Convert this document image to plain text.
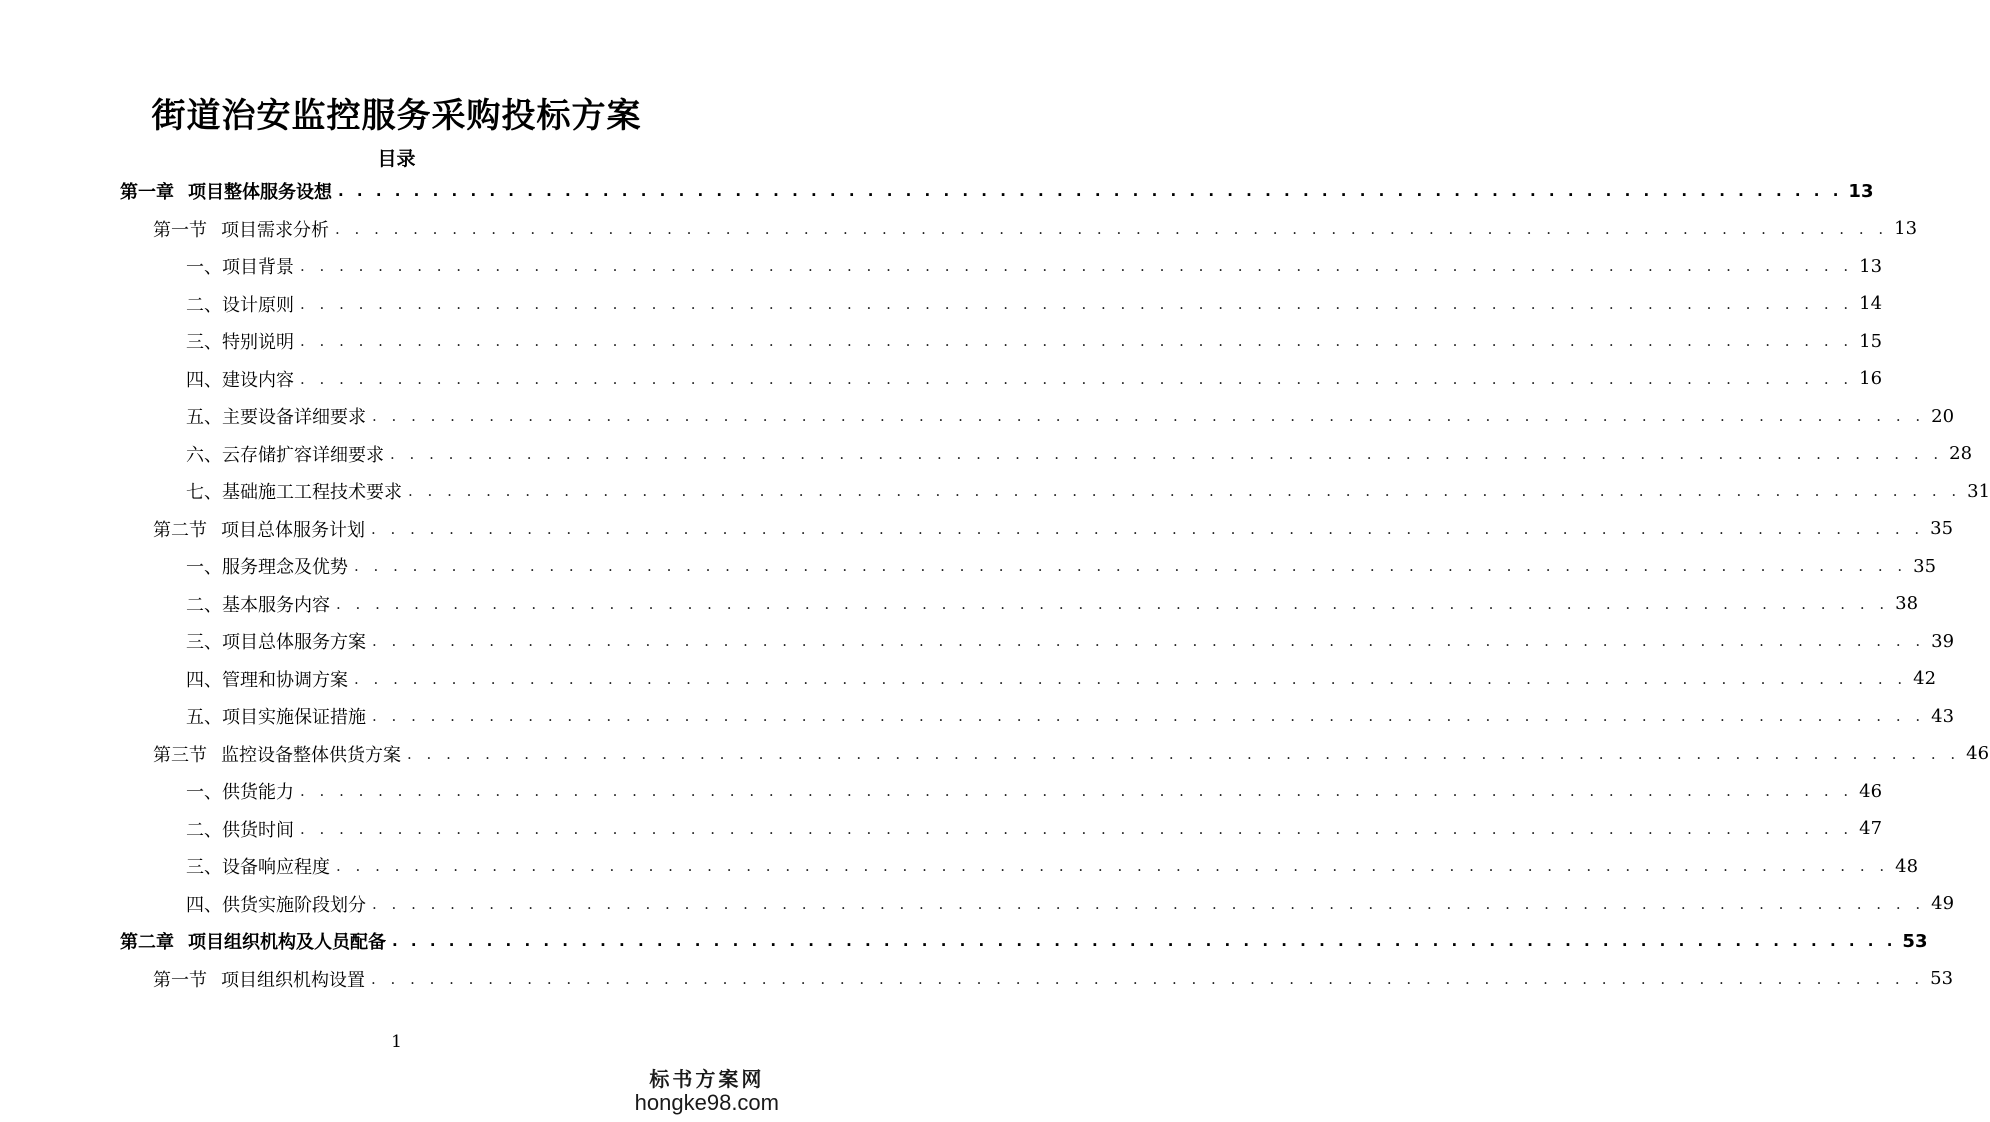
街道治安监控服务采购投标方案
目录
第一章 项目整体服务设想 . . . . . . . . . . . . . . . . . . . . . . . . . . . . . . . . . . . . . . . . . . . . . . . . . . . . . . . . . . . . . . . . . . . . . . . . . . . . . . . . 13
第一节 项目需求分析 . . . . . . . . . . . . . . . . . . . . . . . . . . . . . . . . . . . . . . . . . . . . . . . . . . . . . . . . . . . . . . . . . . . . . . . . . . . . . . . . 13
一、项目背景 . . . . . . . . . . . . . . . . . . . . . . . . . . . . . . . . . . . . . . . . . . . . . . . . . . . . . . . . . . . . . . . . . . . . . . . . . . . . . . . . 13
二、设计原则 . . . . . . . . . . . . . . . . . . . . . . . . . . . . . . . . . . . . . . . . . . . . . . . . . . . . . . . . . . . . . . . . . . . . . . . . . . . . . . . . 14
三、特别说明 . . . . . . . . . . . . . . . . . . . . . . . . . . . . . . . . . . . . . . . . . . . . . . . . . . . . . . . . . . . . . . . . . . . . . . . . . . . . . . . . 15
四、建设内容 . . . . . . . . . . . . . . . . . . . . . . . . . . . . . . . . . . . . . . . . . . . . . . . . . . . . . . . . . . . . . . . . . . . . . . . . . . . . . . . . 16
五、主要设备详细要求 . . . . . . . . . . . . . . . . . . . . . . . . . . . . . . . . . . . . . . . . . . . . . . . . . . . . . . . . . . . . . . . . . . . . . . . . . . . . . . . . 20
六、云存储扩容详细要求 . . . . . . . . . . . . . . . . . . . . . . . . . . . . . . . . . . . . . . . . . . . . . . . . . . . . . . . . . . . . . . . . . . . . . . . . . . . . . . . . 28
七、基础施工工程技术要求 . . . . . . . . . . . . . . . . . . . . . . . . . . . . . . . . . . . . . . . . . . . . . . . . . . . . . . . . . . . . . . . . . . . . . . . . . . . . . . . . 31
第二节 项目总体服务计划 . . . . . . . . . . . . . . . . . . . . . . . . . . . . . . . . . . . . . . . . . . . . . . . . . . . . . . . . . . . . . . . . . . . . . . . . . . . . . . . . 35
一、服务理念及优势 . . . . . . . . . . . . . . . . . . . . . . . . . . . . . . . . . . . . . . . . . . . . . . . . . . . . . . . . . . . . . . . . . . . . . . . . . . . . . . . . 35
二、基本服务内容 . . . . . . . . . . . . . . . . . . . . . . . . . . . . . . . . . . . . . . . . . . . . . . . . . . . . . . . . . . . . . . . . . . . . . . . . . . . . . . . . 38
三、项目总体服务方案 . . . . . . . . . . . . . . . . . . . . . . . . . . . . . . . . . . . . . . . . . . . . . . . . . . . . . . . . . . . . . . . . . . . . . . . . . . . . . . . . 39
四、管理和协调方案 . . . . . . . . . . . . . . . . . . . . . . . . . . . . . . . . . . . . . . . . . . . . . . . . . . . . . . . . . . . . . . . . . . . . . . . . . . . . . . . . 42
五、项目实施保证措施 . . . . . . . . . . . . . . . . . . . . . . . . . . . . . . . . . . . . . . . . . . . . . . . . . . . . . . . . . . . . . . . . . . . . . . . . . . . . . . . . 43
第三节 监控设备整体供货方案 . . . . . . . . . . . . . . . . . . . . . . . . . . . . . . . . . . . . . . . . . . . . . . . . . . . . . . . . . . . . . . . . . . . . . . . . . . . . . . . . 46
一、供货能力 . . . . . . . . . . . . . . . . . . . . . . . . . . . . . . . . . . . . . . . . . . . . . . . . . . . . . . . . . . . . . . . . . . . . . . . . . . . . . . . . 46
二、供货时间 . . . . . . . . . . . . . . . . . . . . . . . . . . . . . . . . . . . . . . . . . . . . . . . . . . . . . . . . . . . . . . . . . . . . . . . . . . . . . . . . 47
三、设备响应程度 . . . . . . . . . . . . . . . . . . . . . . . . . . . . . . . . . . . . . . . . . . . . . . . . . . . . . . . . . . . . . . . . . . . . . . . . . . . . . . . . 48
四、供货实施阶段划分 . . . . . . . . . . . . . . . . . . . . . . . . . . . . . . . . . . . . . . . . . . . . . . . . . . . . . . . . . . . . . . . . . . . . . . . . . . . . . . . . 49
第二章 项目组织机构及人员配备 . . . . . . . . . . . . . . . . . . . . . . . . . . . . . . . . . . . . . . . . . . . . . . . . . . . . . . . . . . . . . . . . . . . . . . . . . . . . . . . . 53
第一节 项目组织机构设置 . . . . . . . . . . . . . . . . . . . . . . . . . . . . . . . . . . . . . . . . . . . . . . . . . . . . . . . . . . . . . . . . . . . . . . . . . . . . . . . . 53
1
标书方案网
hongke98.com
